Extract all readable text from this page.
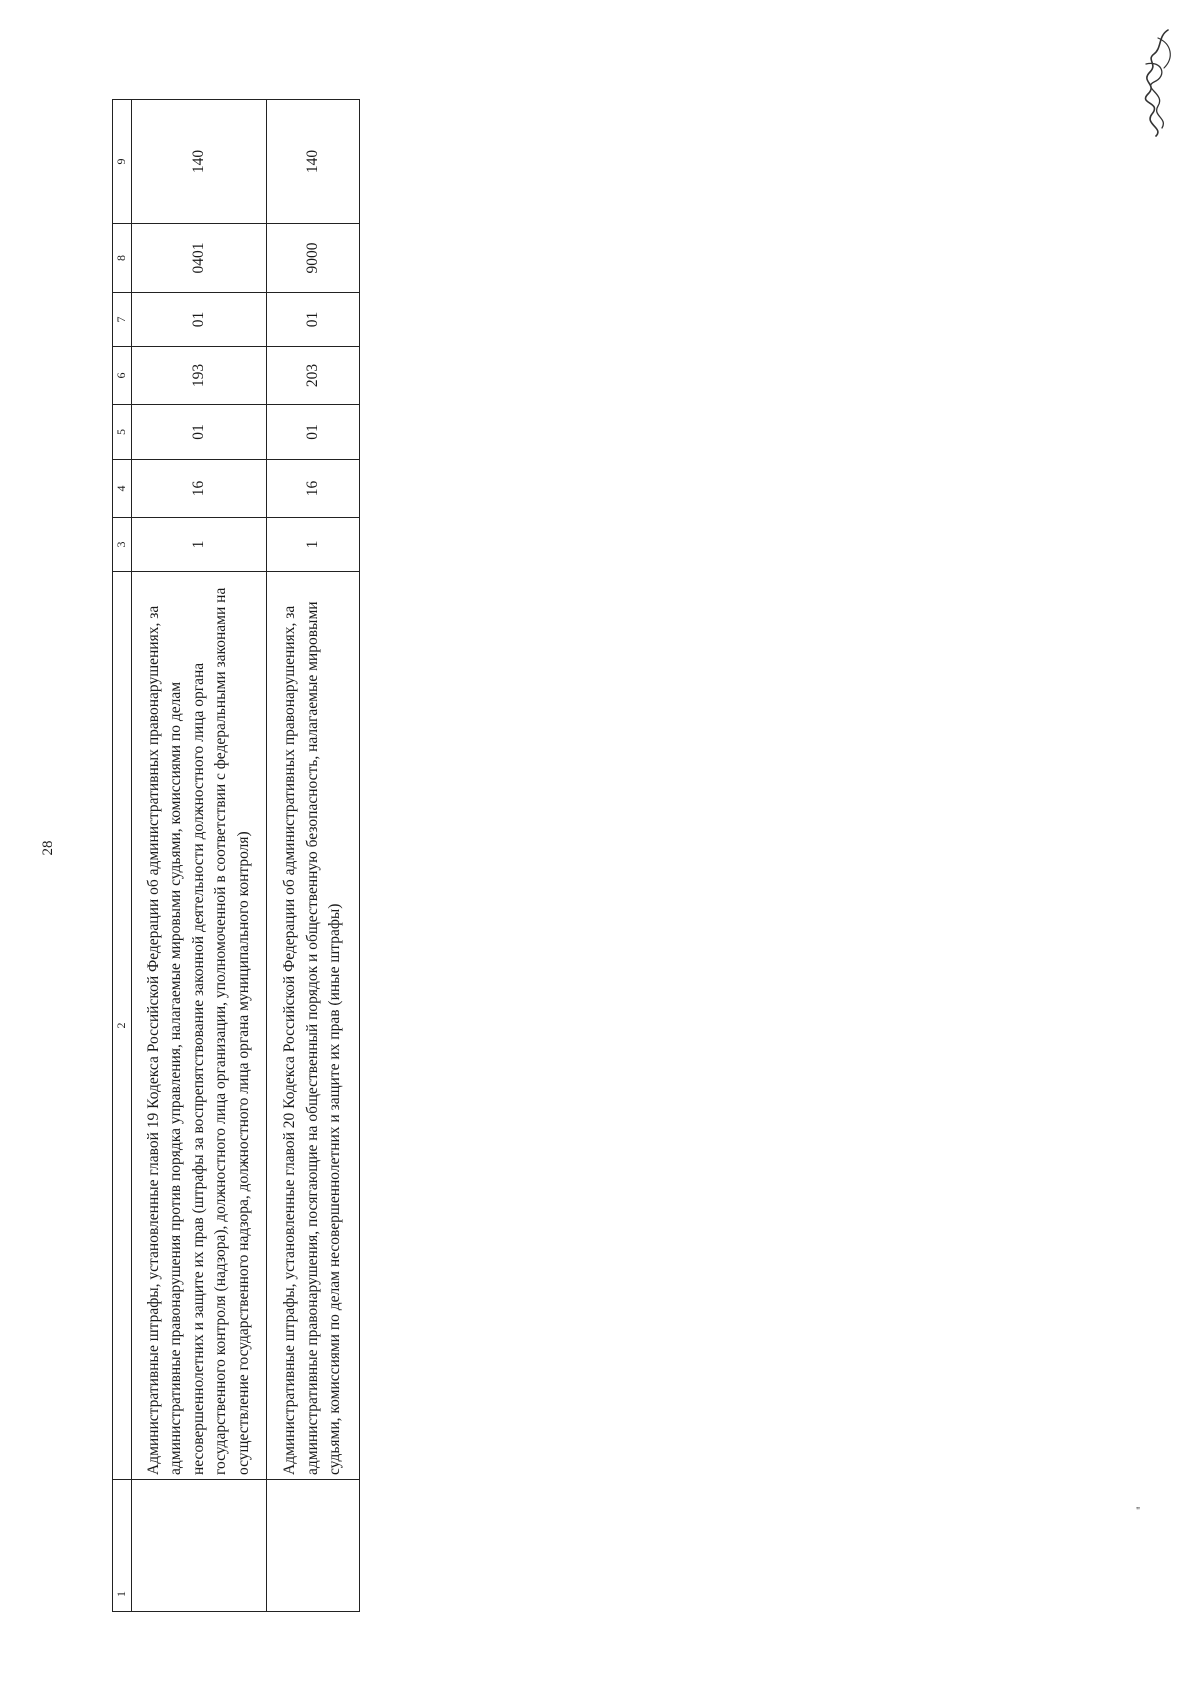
28
1	2	3	4	5	6	7	8	9
	Административные штрафы, установленные главой 19 Кодекса Российской Федерации об административных правонарушениях, за административные правонарушения против порядка управления, налагаемые мировыми судьями, комиссиями по делам несовершеннолетних и защите их прав (штрафы за воспрепятствование законной деятельности должностного лица органа государственного контроля (надзора), должностного лица организации, уполномоченной в соответствии с федеральными законами на осуществление государственного надзора, должностного лица органа муниципального контроля)	1	16	01	193	01	0401	140
	Административные штрафы, установленные главой 20 Кодекса Российской Федерации об административных правонарушениях, за административные правонарушения, посягающие на общественный порядок и общественную безопасность, налагаемые мировыми судьями, комиссиями по делам несовершеннолетних и защите их прав (иные штрафы)	1	16	01	203	01	9000	140
"
